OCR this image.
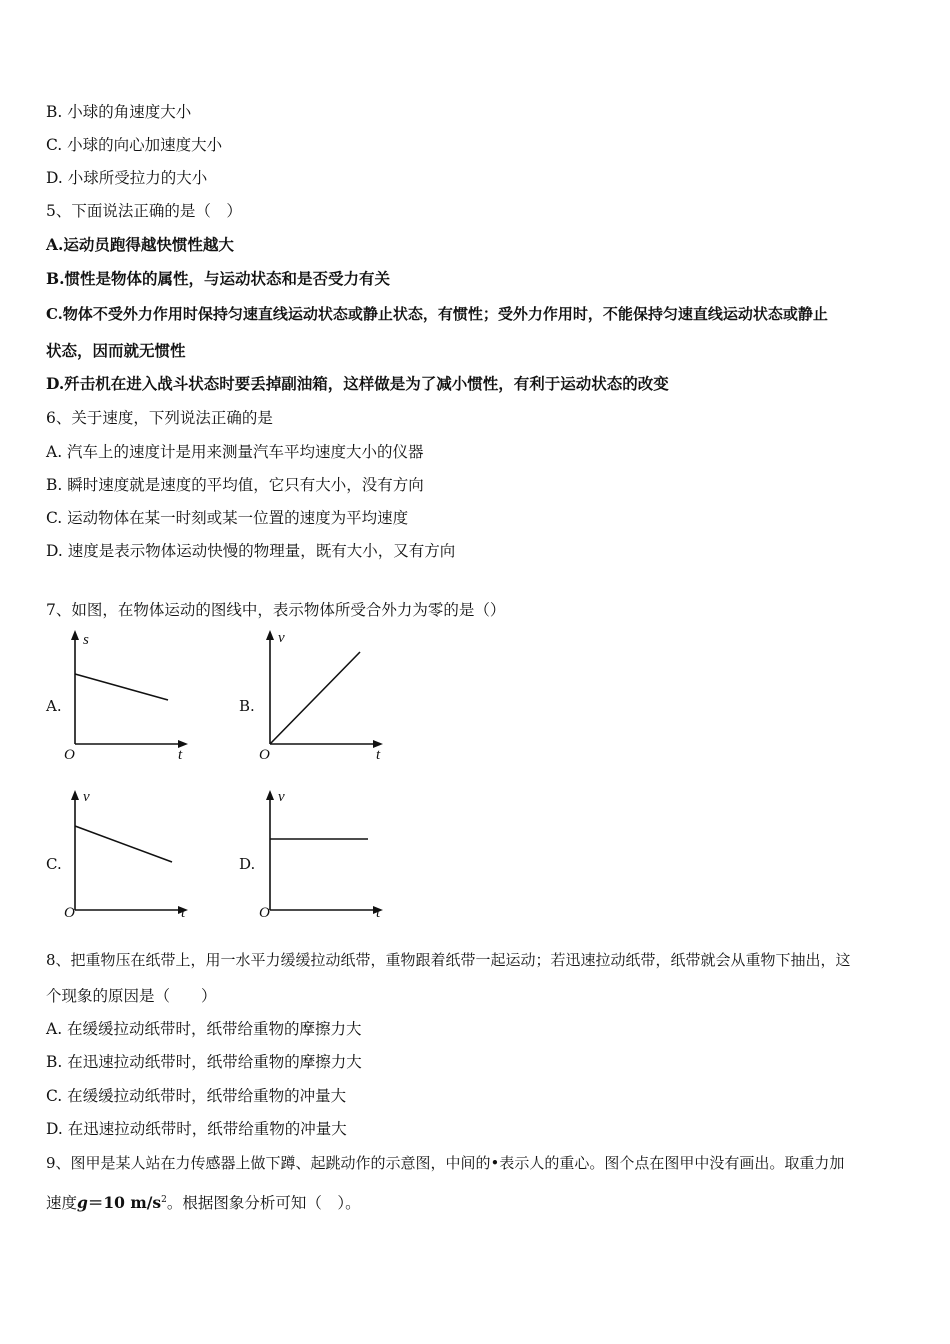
B. 小球的角速度大小
C. 小球的向心加速度大小
D. 小球所受拉力的大小
5、下面说法正确的是（　）
A.运动员跑得越快惯性越大
B.惯性是物体的属性，与运动状态和是否受力有关
C.物体不受外力作用时保持匀速直线运动状态或静止状态，有惯性；受外力作用时，不能保持匀速直线运动状态或静止
状态，因而就无惯性
D.歼击机在进入战斗状态时要丢掉副油箱，这样做是为了减小惯性，有利于运动状态的改变
6、关于速度，下列说法正确的是
A. 汽车上的速度计是用来测量汽车平均速度大小的仪器
B. 瞬时速度就是速度的平均值，它只有大小，没有方向
C. 运动物体在某一时刻或某一位置的速度为平均速度
D. 速度是表示物体运动快慢的物理量，既有大小，又有方向
7、如图，在物体运动的图线中，表示物体所受合外力为零的是（）
A.
s
t
O
B.
v
t
O
C.
v
t
O
D.
v
t
O
8、把重物压在纸带上，用一水平力缓缓拉动纸带，重物跟着纸带一起运动；若迅速拉动纸带，纸带就会从重物下抽出，这
个现象的原因是（　　）
A. 在缓缓拉动纸带时，纸带给重物的摩擦力大
B. 在迅速拉动纸带时，纸带给重物的摩擦力大
C. 在缓缓拉动纸带时，纸带给重物的冲量大
D. 在迅速拉动纸带时，纸带给重物的冲量大
9、图甲是某人站在力传感器上做下蹲、起跳动作的示意图，中间的•表示人的重心。图个点在图甲中没有画出。取重力加
速度g＝10 $m/s^2$。根据图象分析可知（　）。
